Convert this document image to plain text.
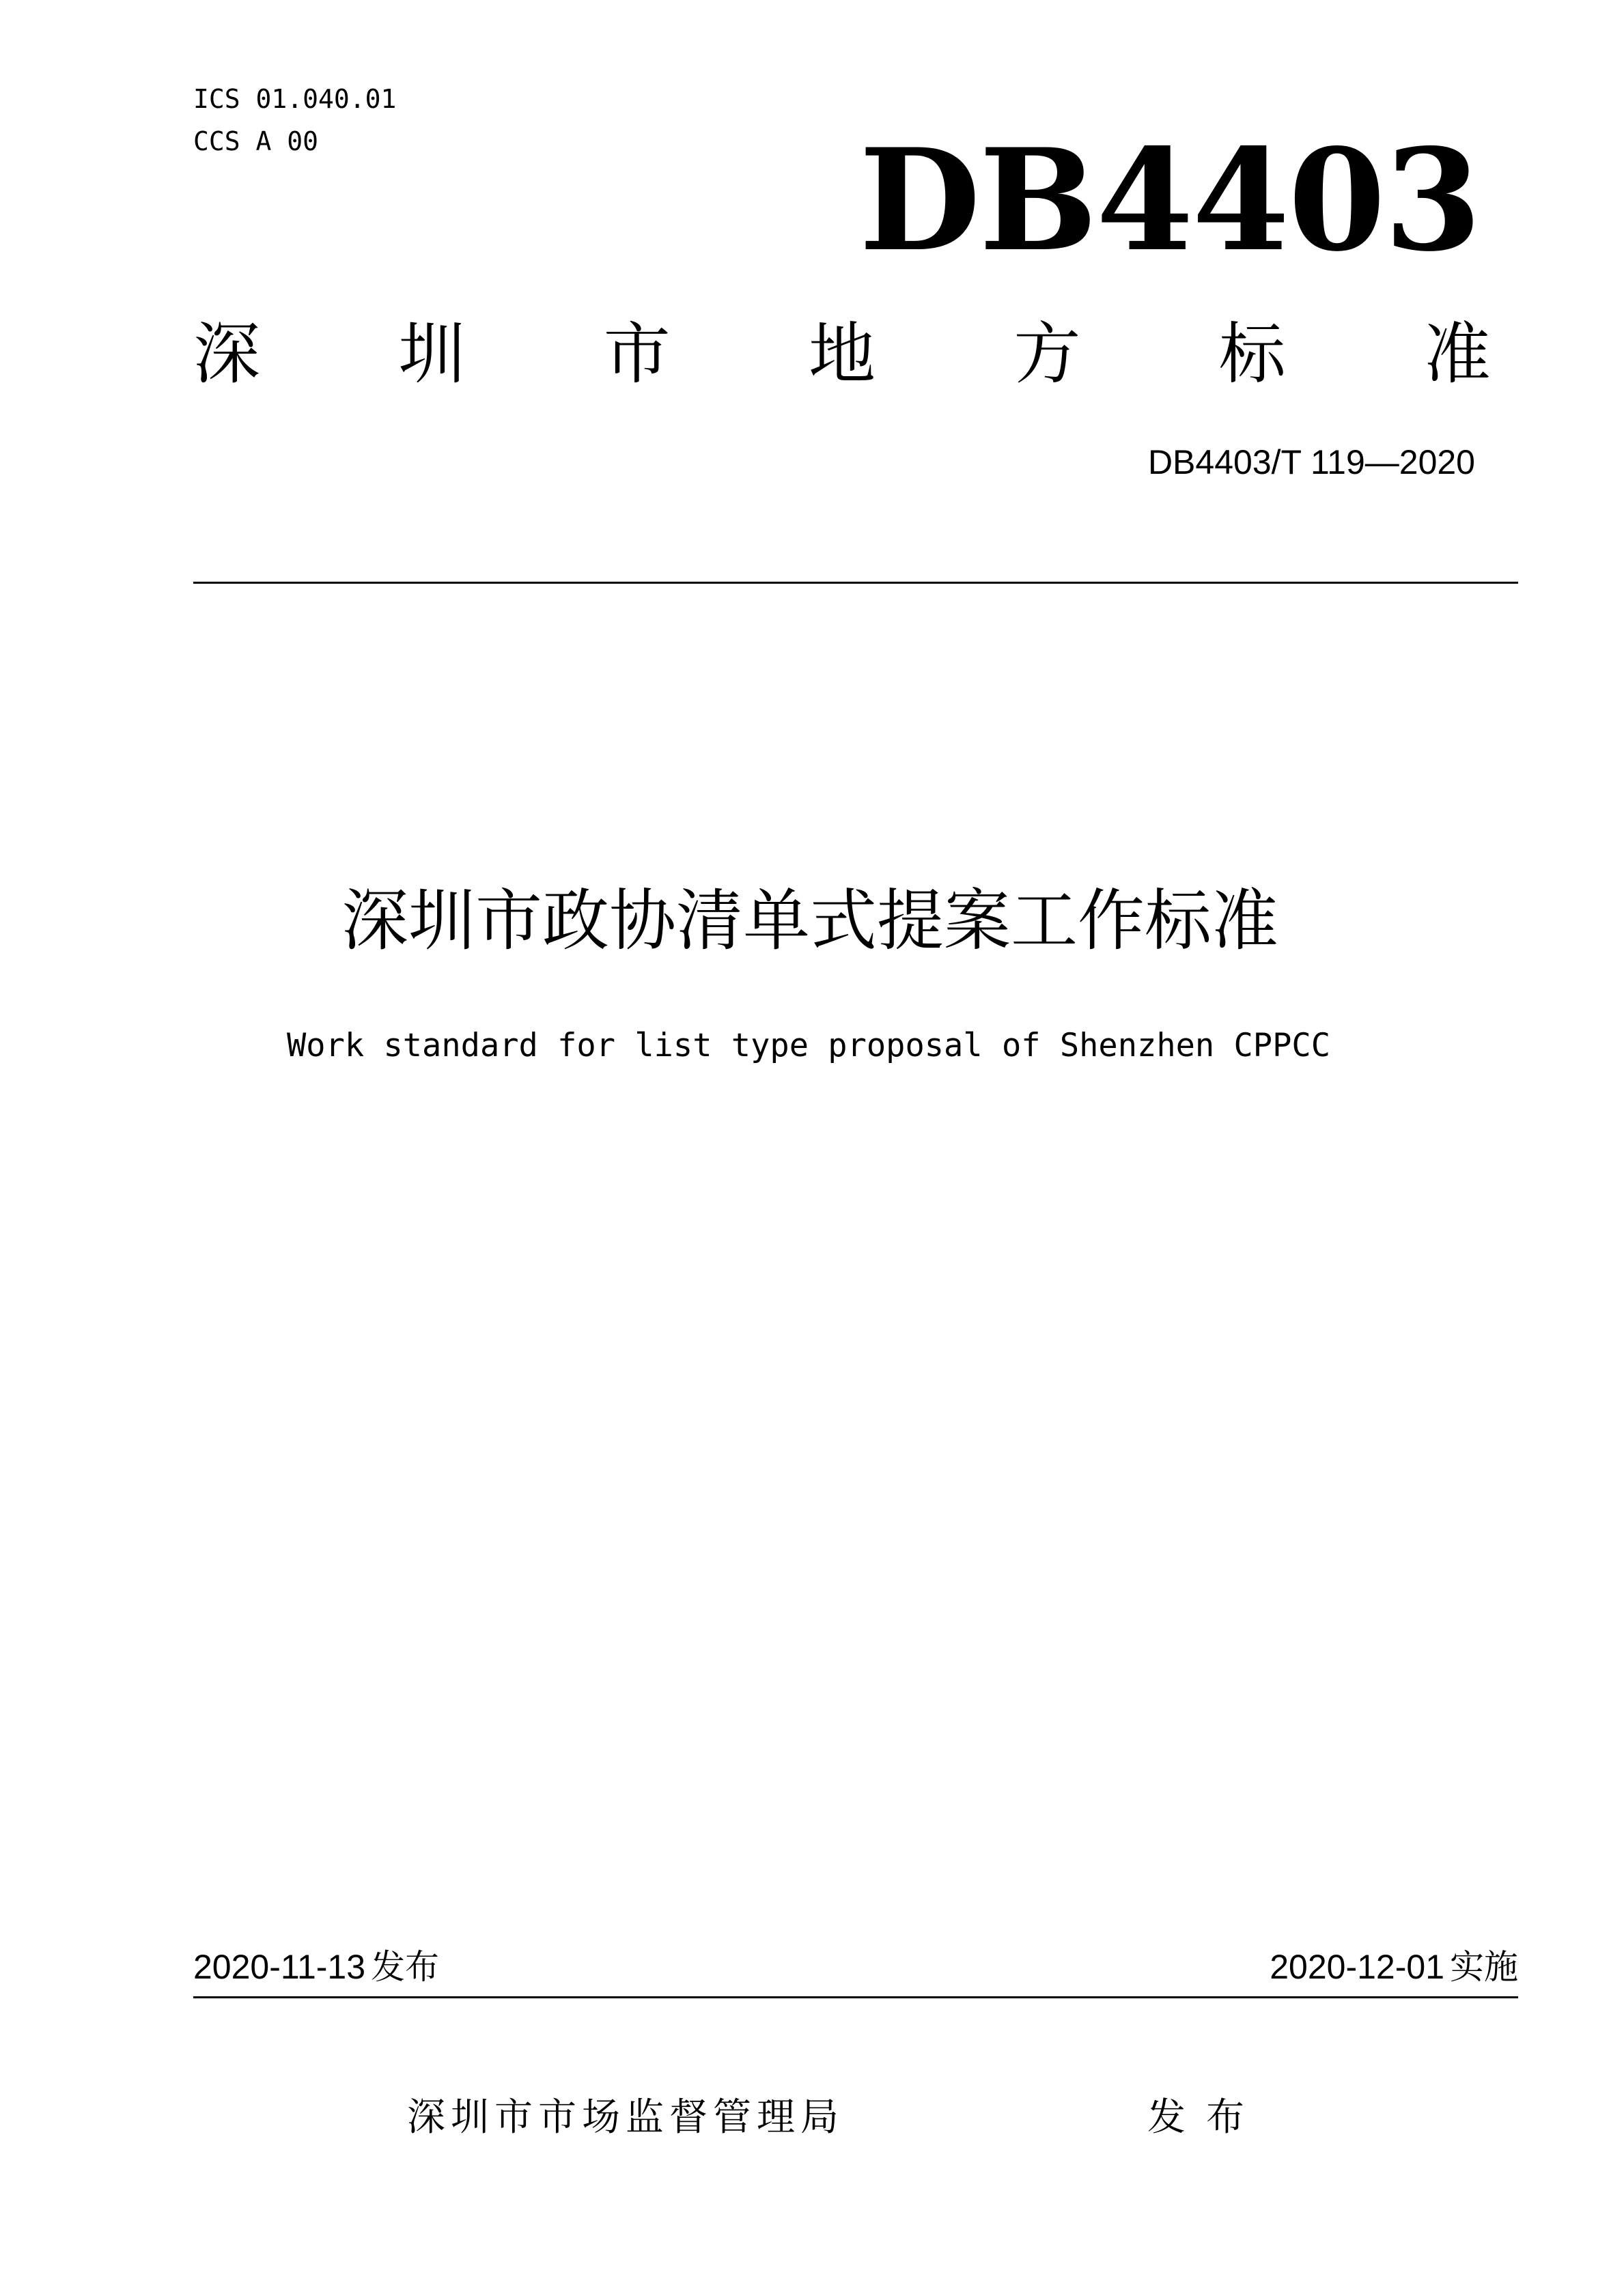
ICS 01.040.01
CCS A 00	DB4403
深 圳 市 地 方 标 准
DB4403/T 119—2020
深圳市政协清单式提案工作标准
Work standard for list type proposal of Shenzhen CPPCC
2020-11-13 发布	2020-12-01 实施
深圳市市场监督管理局	发布
